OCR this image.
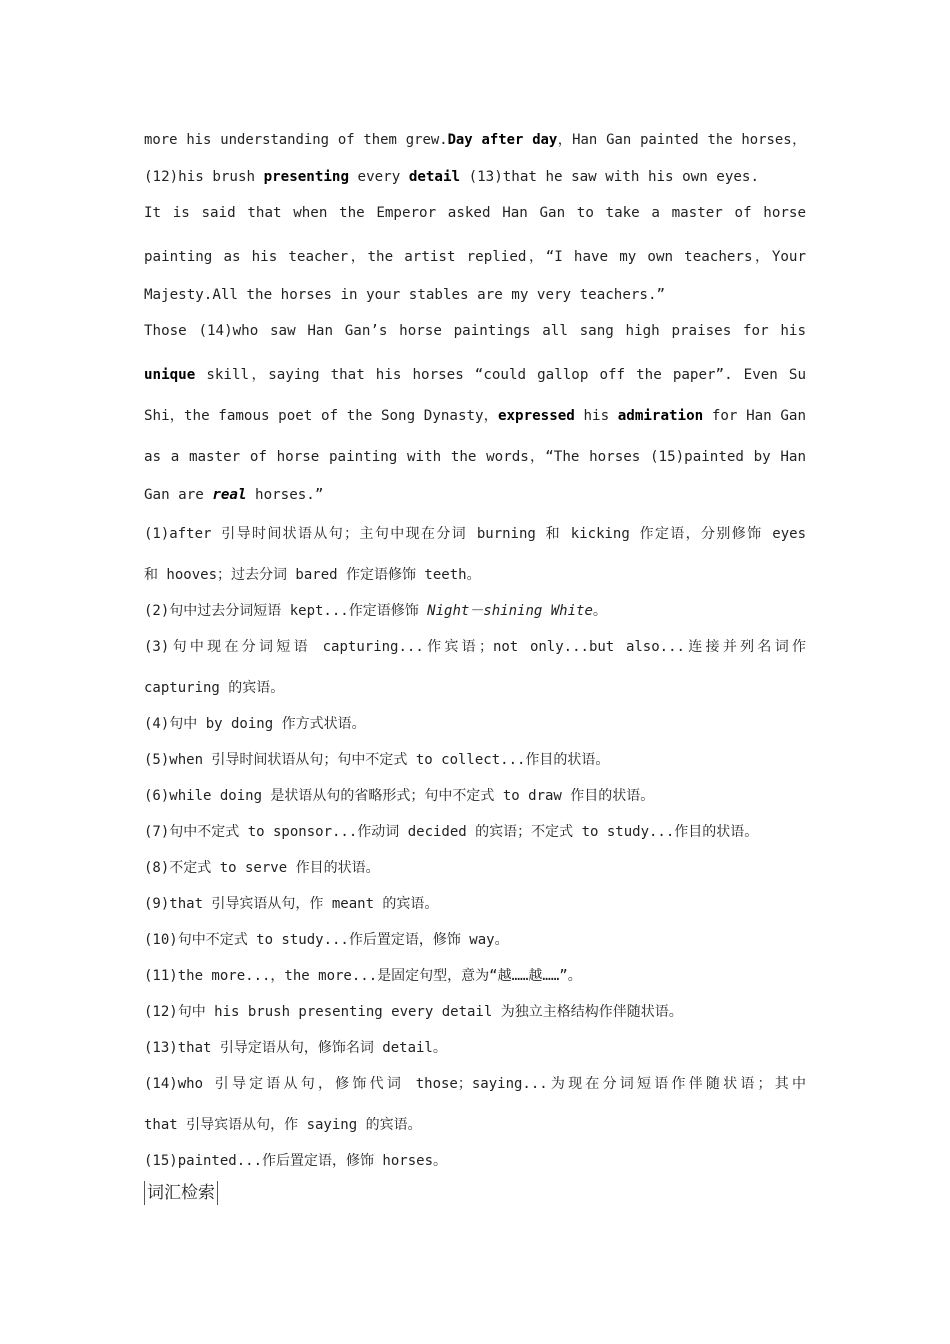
more his understanding of them grew.Day after day，Han Gan painted the horses，
(12)his brush presenting every detail (13)that he saw with his own eyes.
It is said that when the Emperor asked Han Gan to take a master of horse
painting as his teacher，the artist replied，“I have my own teachers，Your
Majesty.All the horses in your stables are my very teachers.”
Those (14)who saw Han Gan’s horse paintings all sang high praises for his
unique skill，saying that his horses “could gallop off the paper”. Even Su
Shi，the famous poet of the Song Dynasty，expressed his admiration for Han Gan
as a master of horse painting with the words，“The horses (15)painted by Han
Gan are real horses.”
(1)after 引导时间状语从句；主句中现在分词 burning 和 kicking 作定语，分别修饰 eyes
和 hooves；过去分词 bared 作定语修饰 teeth。
(2)句中过去分词短语 kept...作定语修饰 Night－shining White。
(3)句中现在分词短语 capturing...作宾语；not only...but also...连接并列名词作
capturing 的宾语。
(4)句中 by doing 作方式状语。
(5)when 引导时间状语从句；句中不定式 to collect...作目的状语。
(6)while doing 是状语从句的省略形式；句中不定式 to draw 作目的状语。
(7)句中不定式 to sponsor...作动词 decided 的宾语；不定式 to study...作目的状语。
(8)不定式 to serve 作目的状语。
(9)that 引导宾语从句，作 meant 的宾语。
(10)句中不定式 to study...作后置定语，修饰 way。
(11)the more...，the more...是固定句型，意为“越……越……”。
(12)句中 his brush presenting every detail 为独立主格结构作伴随状语。
(13)that 引导定语从句，修饰名词 detail。
(14)who 引导定语从句，修饰代词 those；saying...为现在分词短语作伴随状语；其中
that 引导宾语从句，作 saying 的宾语。
(15)painted...作后置定语，修饰 horses。
词汇检索
